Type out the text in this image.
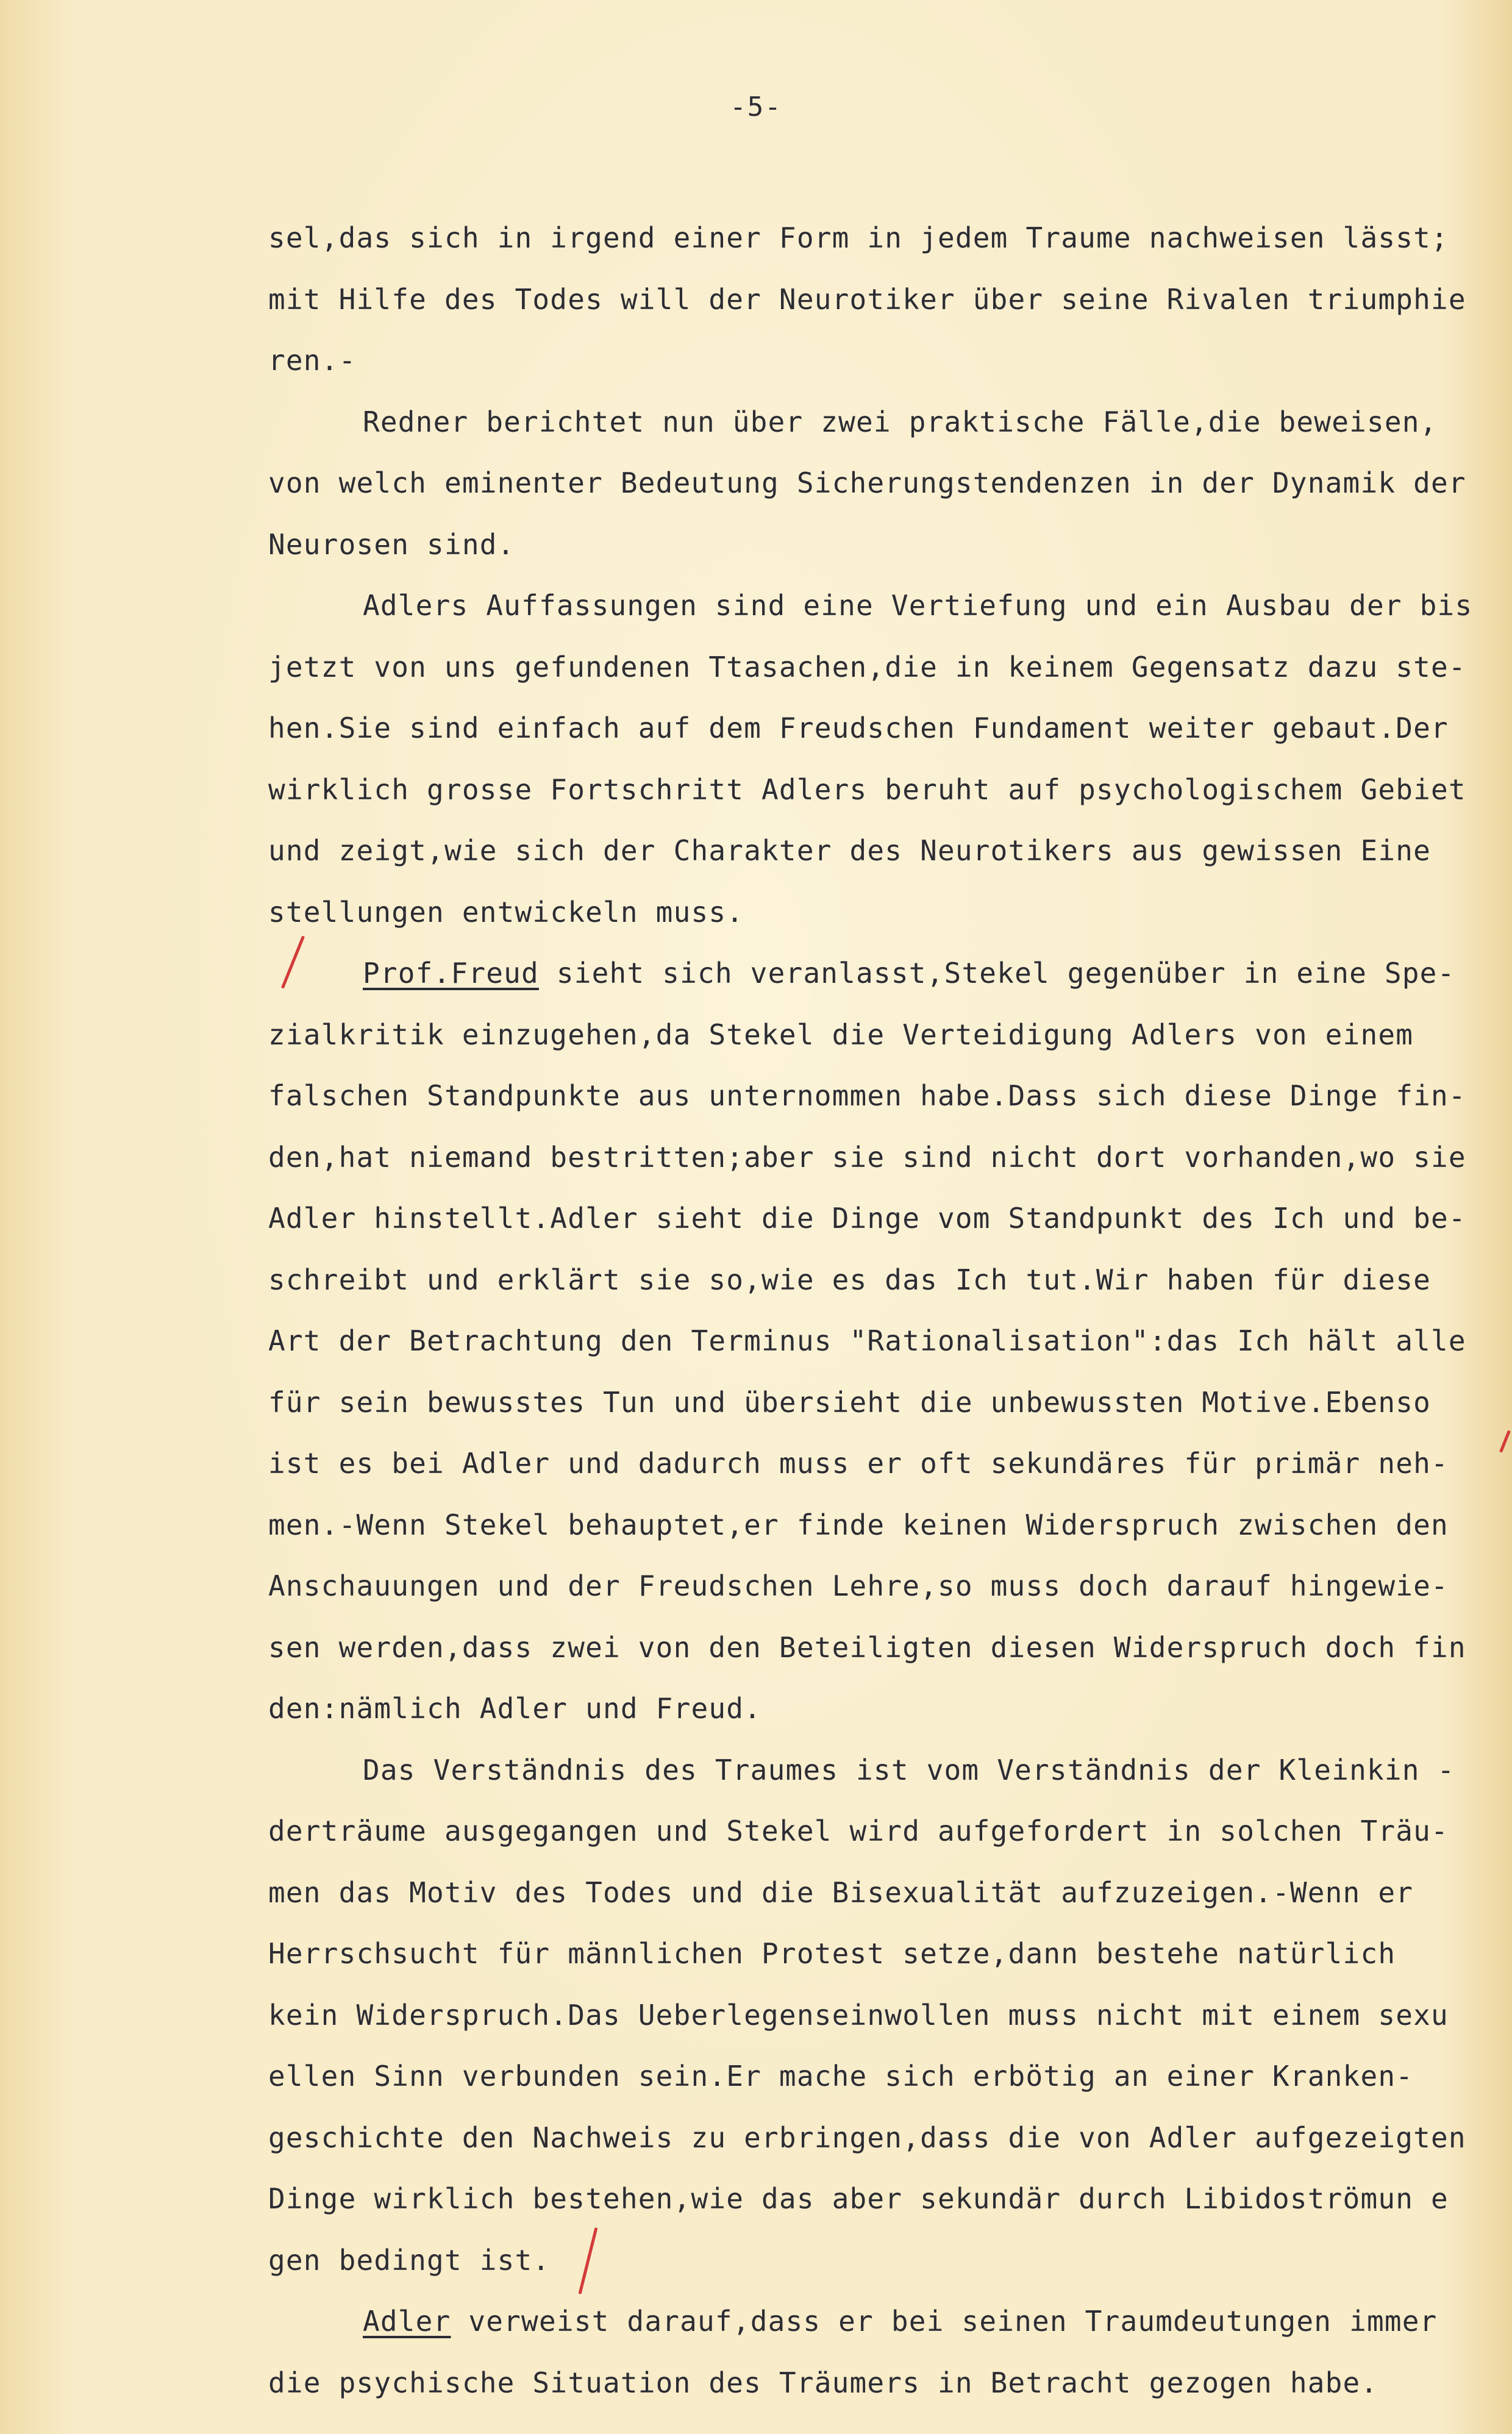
-5-
sel,das sich in irgend einer Form in jedem Traume nachweisen lässt;
mit Hilfe des Todes will der Neurotiker über seine Rivalen triumphie
ren.-
Redner berichtet nun über zwei praktische Fälle,die beweisen,
von welch eminenter Bedeutung Sicherungstendenzen in der Dynamik der
Neurosen sind.
Adlers Auffassungen sind eine Vertiefung und ein Ausbau der bis
jetzt von uns gefundenen Ttasachen,die in keinem Gegensatz dazu ste-
hen.Sie sind einfach auf dem Freudschen Fundament weiter gebaut.Der
wirklich grosse Fortschritt Adlers beruht auf psychologischem Gebiet
und zeigt,wie sich der Charakter des Neurotikers aus gewissen Eine
stellungen entwickeln muss.
Prof.Freud sieht sich veranlasst,Stekel gegenüber in eine Spe-
zialkritik einzugehen,da Stekel die Verteidigung Adlers von einem
falschen Standpunkte aus unternommen habe.Dass sich diese Dinge fin-
den,hat niemand bestritten;aber sie sind nicht dort vorhanden,wo sie
Adler hinstellt.Adler sieht die Dinge vom Standpunkt des Ich und be-
schreibt und erklärt sie so,wie es das Ich tut.Wir haben für diese
Art der Betrachtung den Terminus "Rationalisation":das Ich hält alle
für sein bewusstes Tun und übersieht die unbewussten Motive.Ebenso
ist es bei Adler und dadurch muss er oft sekundäres für primär neh-
men.-Wenn Stekel behauptet,er finde keinen Widerspruch zwischen den
Anschauungen und der Freudschen Lehre,so muss doch darauf hingewie-
sen werden,dass zwei von den Beteiligten diesen Widerspruch doch fin
den:nämlich Adler und Freud.
Das Verständnis des Traumes ist vom Verständnis der Kleinkin -
derträume ausgegangen und Stekel wird aufgefordert in solchen Träu-
men das Motiv des Todes und die Bisexualität aufzuzeigen.-Wenn er
Herrschsucht für männlichen Protest setze,dann bestehe natürlich
kein Widerspruch.Das Ueberlegenseinwollen muss nicht mit einem sexu
ellen Sinn verbunden sein.Er mache sich erbötig an einer Kranken-
geschichte den Nachweis zu erbringen,dass die von Adler aufgezeigten
Dinge wirklich bestehen,wie das aber sekundär durch Libidoströmun e
gen bedingt ist.
Adler verweist darauf,dass er bei seinen Traumdeutungen immer
die psychische Situation des Träumers in Betracht gezogen habe.
